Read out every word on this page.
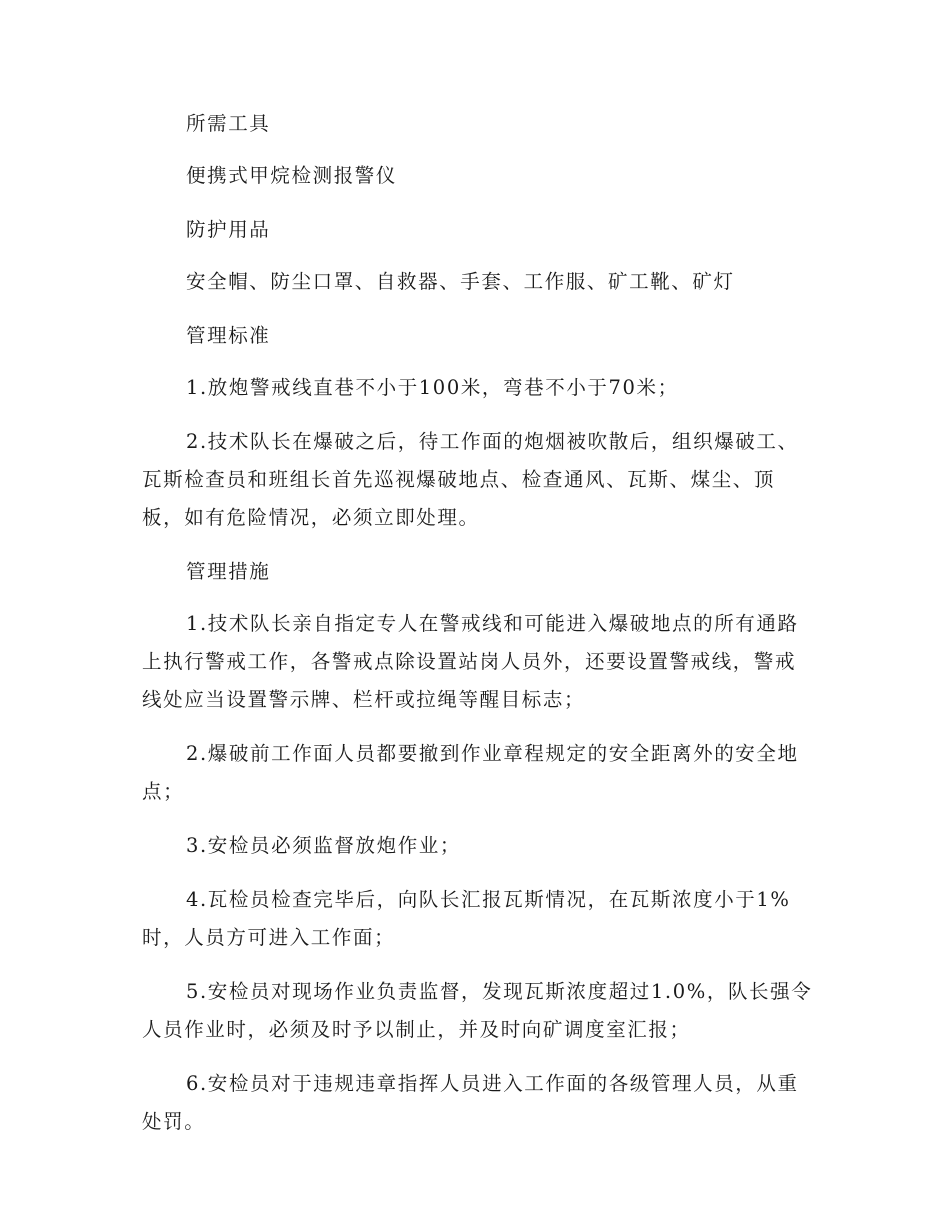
所需工具

便携式甲烷检测报警仪

防护用品

安全帽、防尘口罩、自救器、手套、工作服、矿工靴、矿灯

管理标准

1.放炮警戒线直巷不小于100米，弯巷不小于70米；

2.技术队长在爆破之后，待工作面的炮烟被吹散后，组织爆破工、瓦斯检查员和班组长首先巡视爆破地点、检查通风、瓦斯、煤尘、顶板，如有危险情况，必须立即处理。

管理措施

1.技术队长亲自指定专人在警戒线和可能进入爆破地点的所有通路上执行警戒工作，各警戒点除设置站岗人员外，还要设置警戒线，警戒线处应当设置警示牌、栏杆或拉绳等醒目标志；

2.爆破前工作面人员都要撤到作业章程规定的安全距离外的安全地点；

3.安检员必须监督放炮作业；

4.瓦检员检查完毕后，向队长汇报瓦斯情况，在瓦斯浓度小于1%时，人员方可进入工作面；

5.安检员对现场作业负责监督，发现瓦斯浓度超过1.0%，队长强令人员作业时，必须及时予以制止，并及时向矿调度室汇报；

6.安检员对于违规违章指挥人员进入工作面的各级管理人员，从重处罚。
